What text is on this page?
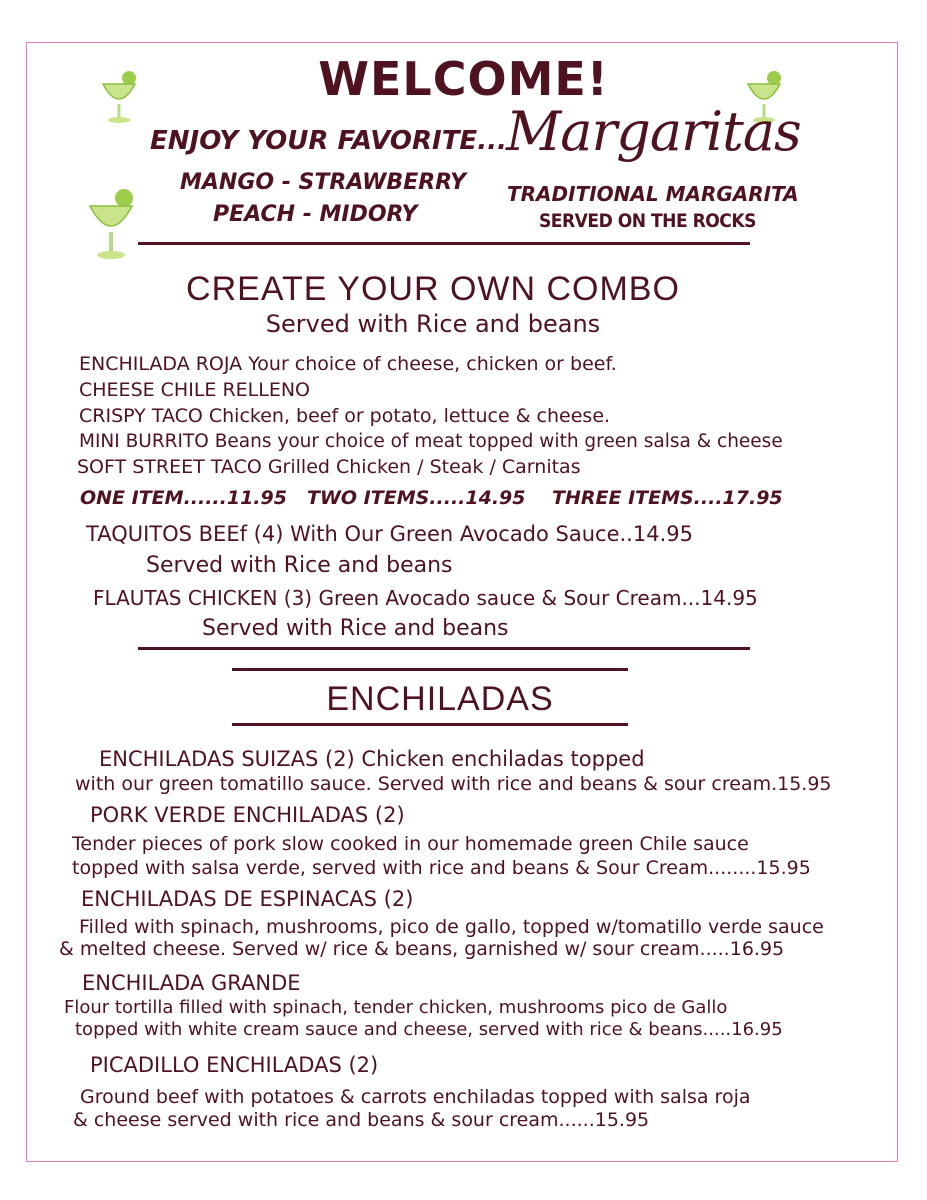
WELCOME!
ENJOY YOUR FAVORITE...
MANGO - STRAWBERRY
PEACH - MIDORY
Margaritas
TRADITIONAL MARGARITA
SERVED ON THE ROCKS
CREATE YOUR OWN COMBO
Served with Rice and beans
ENCHILADA ROJA Your choice of cheese, chicken or beef.
CHEESE CHILE RELLENO
CRISPY TACO Chicken, beef or potato, lettuce & cheese.
MINI BURRITO Beans your choice of meat topped with green salsa & cheese
SOFT STREET TACO Grilled Chicken / Steak / Carnitas
ONE ITEM......11.95 TWO ITEMS.....14.95 THREE ITEMS....17.95
TAQUITOS BEEf (4) With Our Green Avocado Sauce..14.95
Served with Rice and beans
FLAUTAS CHICKEN (3) Green Avocado sauce & Sour Cream...14.95
Served with Rice and beans
ENCHILADAS
ENCHILADAS SUIZAS (2) Chicken enchiladas topped
with our green tomatillo sauce. Served with rice and beans & sour cream.15.95
PORK VERDE ENCHILADAS (2)
Tender pieces of pork slow cooked in our homemade green Chile sauce
topped with salsa verde, served with rice and beans & Sour Cream........15.95
ENCHILADAS DE ESPINACAS (2)
Filled with spinach, mushrooms, pico de gallo, topped w/tomatillo verde sauce
& melted cheese. Served w/ rice & beans, garnished w/ sour cream.....16.95
ENCHILADA GRANDE
Flour tortilla filled with spinach, tender chicken, mushrooms pico de Gallo
topped with white cream sauce and cheese, served with rice & beans.....16.95
PICADILLO ENCHILADAS (2)
Ground beef with potatoes & carrots enchiladas topped with salsa roja
& cheese served with rice and beans & sour cream......15.95
